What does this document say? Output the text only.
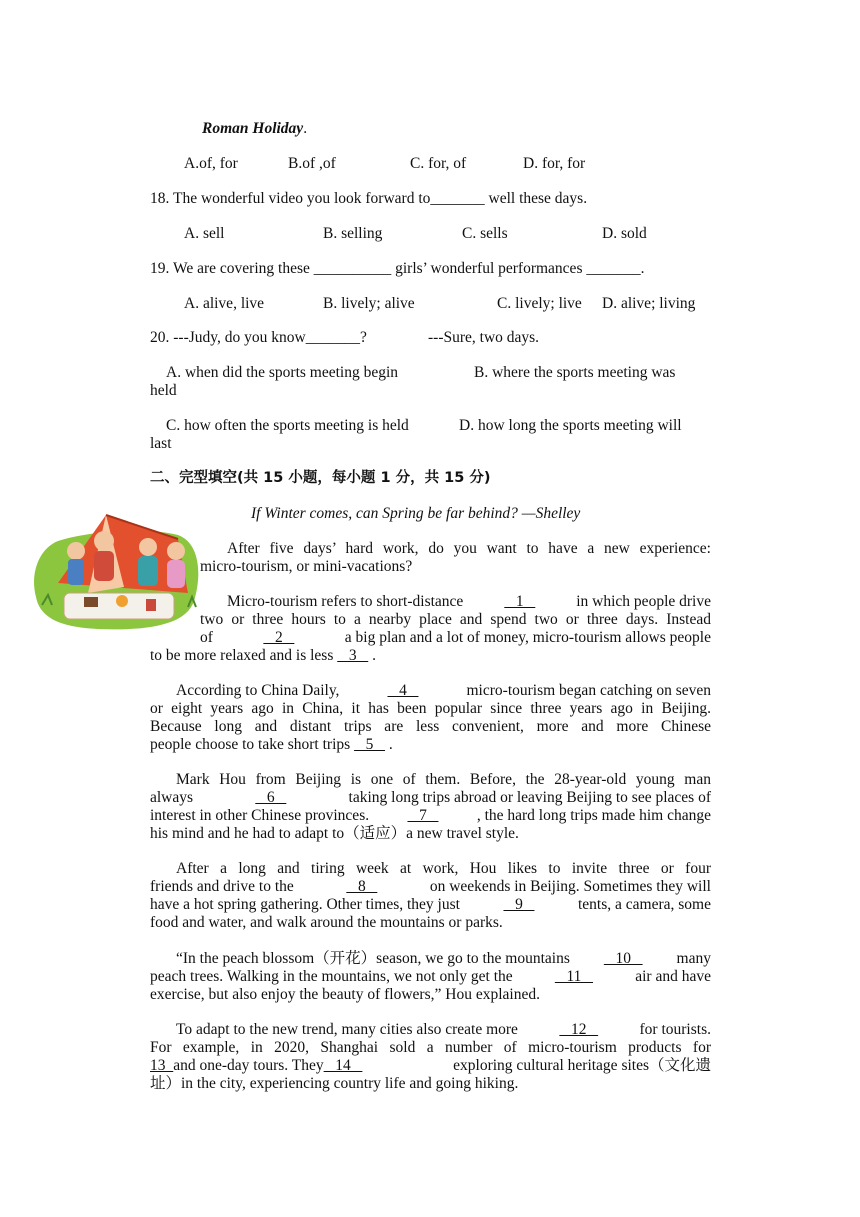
Roman Holiday.
A.of, for	B.of ,of	C. for, of	D. for, for
18. The wonderful video you look forward to_______ well these days.
A. sell	B. selling	C. sells	D. sold
19. We are covering these __________ girls’ wonderful performances _______.
A. alive, live	B. lively; alive	C. lively; live D. alive; living
20. ---Judy, do you know_______?	---Sure, two days.
A. when did the sports meeting begin	B. where the sports meeting was
held
C. how often the sports meeting is held	D. how long the sports meeting will
last
二、完型填空(共 15 小题，每小题 1 分，共 15 分)
If Winter comes, can Spring be far behind? —Shelley
After five days’ hard work, do you want to have a new experience:
micro-tourism, or mini-vacations?
Micro-tourism refers to short-distance	1	in which people drive
two or three hours to a nearby place and spend two or three days. Instead
of	2	a big plan and a lot of money, micro-tourism allows people
to be more relaxed and is less    3    .
According to China Daily,	4	micro-tourism began catching on seven
or eight years ago in China, it has been popular since three years ago in Beijing.
Because long and distant trips are less convenient, more and more Chinese
people choose to take short trips    5    .
Mark Hou from Beijing is one of them. Before, the 28-year-old young man
always	6	taking long trips abroad or leaving Beijing to see places of
interest in other Chinese provinces. 7 , the hard long trips made him change
his mind and he had to adapt to（适应）a new travel style.
After a long and tiring week at work, Hou likes to invite three or four
friends and drive to the	8	on weekends in Beijing. Sometimes they will
have a hot spring gathering. Other times, they just	9	tents, a camera, some
food and water, and walk around the mountains or parks.
“In the peach blossom（开花）season, we go to the mountains 10 many
peach trees. Walking in the mountains, we not only get the	11	air and have
exercise, but also enjoy the beauty of flowers,” Hou explained.
To adapt to the new trend, many cities also create more	12	for tourists.
For example, in 2020, Shanghai sold a number of micro-tourism products for
13 and one-day tours. They   14	exploring cultural heritage sites（文化遗
址）in the city, experiencing country life and going hiking.
